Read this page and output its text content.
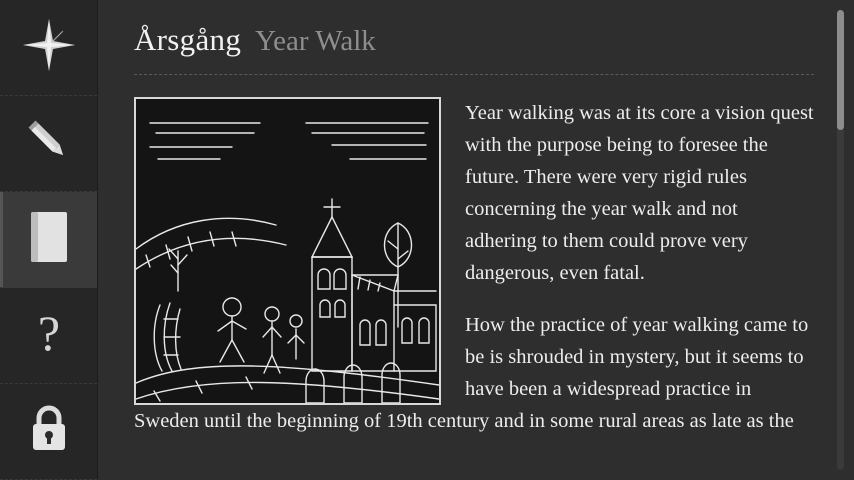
?
Årsgång Year Walk

Year walking was at its core a vision quest with the purpose being to foresee the future. There were very rigid rules concerning the year walk and not adhering to them could prove very dangerous, even fatal.

How the practice of year walking came to be is shrouded in mystery, but it seems to have been a widespread practice in Sweden until the beginning of 19th century and in some rural areas as late as the
